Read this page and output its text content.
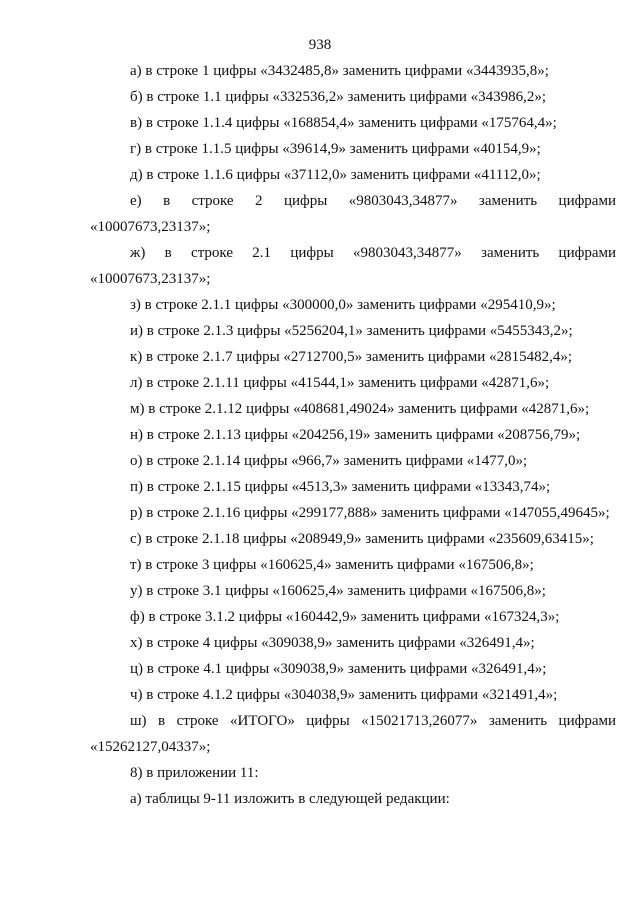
938

а) в строке 1 цифры «3432485,8» заменить цифрами «3443935,8»;

б) в строке 1.1 цифры «332536,2» заменить цифрами «343986,2»;

в) в строке 1.1.4 цифры «168854,4» заменить цифрами «175764,4»;

г) в строке 1.1.5 цифры «39614,9» заменить цифрами «40154,9»;

д) в строке 1.1.6 цифры «37112,0» заменить цифрами «41112,0»;

е) в строке 2 цифры «9803043,34877» заменить цифрами «10007673,23137»;

ж) в строке 2.1 цифры «9803043,34877» заменить цифрами «10007673,23137»;

з) в строке 2.1.1 цифры «300000,0» заменить цифрами «295410,9»;

и) в строке 2.1.3 цифры «5256204,1» заменить цифрами «5455343,2»;

к) в строке 2.1.7 цифры «2712700,5» заменить цифрами «2815482,4»;

л) в строке 2.1.11 цифры «41544,1» заменить цифрами «42871,6»;

м) в строке 2.1.12 цифры «408681,49024» заменить цифрами «42871,6»;

н) в строке 2.1.13 цифры «204256,19» заменить цифрами «208756,79»;

о) в строке 2.1.14 цифры «966,7» заменить цифрами «1477,0»;

п) в строке 2.1.15 цифры «4513,3» заменить цифрами «13343,74»;

р) в строке 2.1.16 цифры «299177,888» заменить цифрами «147055,49645»;

с) в строке 2.1.18 цифры «208949,9» заменить цифрами «235609,63415»;

т) в строке 3 цифры «160625,4» заменить цифрами «167506,8»;

у) в строке 3.1 цифры «160625,4» заменить цифрами «167506,8»;

ф) в строке 3.1.2 цифры «160442,9» заменить цифрами «167324,3»;

х) в строке 4 цифры «309038,9» заменить цифрами «326491,4»;

ц) в строке 4.1 цифры «309038,9» заменить цифрами «326491,4»;

ч) в строке 4.1.2 цифры «304038,9» заменить цифрами «321491,4»;

ш) в строке «ИТОГО» цифры «15021713,26077» заменить цифрами «15262127,04337»;

8) в приложении 11:

а) таблицы 9-11 изложить в следующей редакции:
